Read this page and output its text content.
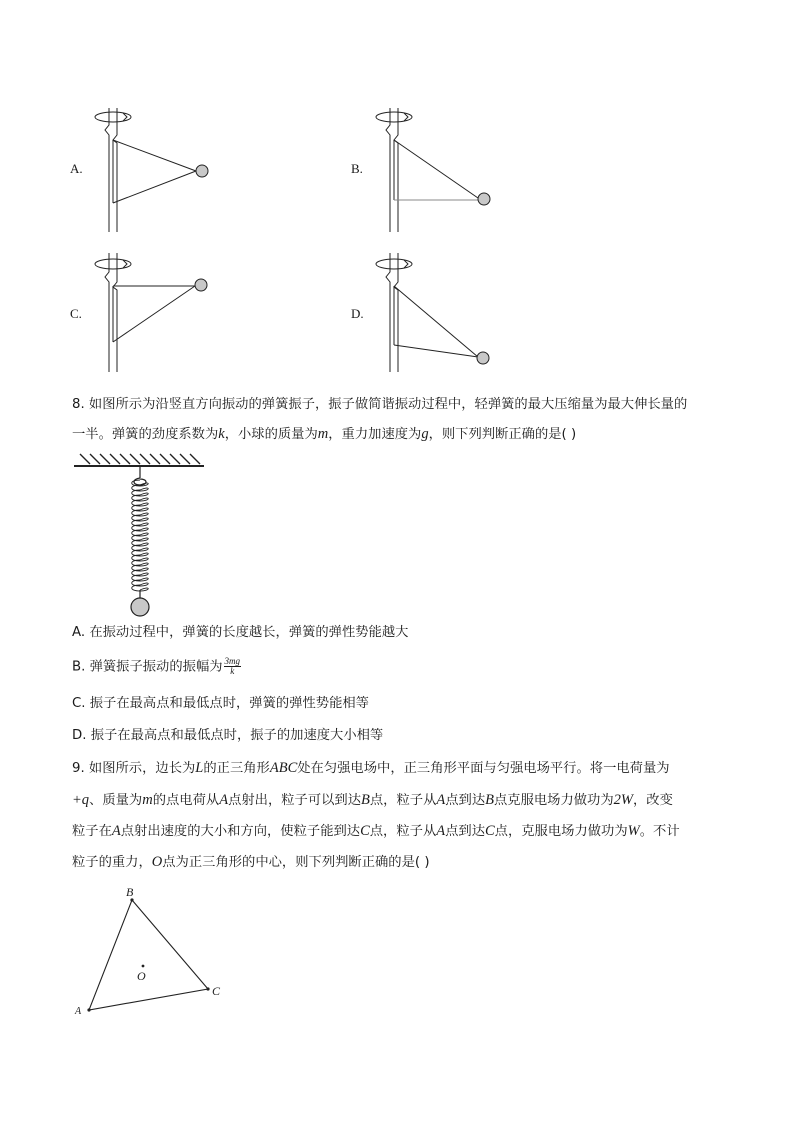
A.	B.
C.	D.
8. 如图所示为沿竖直方向振动的弹簧振子，振子做简谐振动过程中，轻弹簧的最大压缩量为最大伸长量的
一半。弹簧的劲度系数为k，小球的质量为m，重力加速度为g，则下列判断正确的是( )
A. 在振动过程中，弹簧的长度越长，弹簧的弹性势能越大
B. 弹簧振子振动的振幅为 $\frac{3mg}{k}$
C. 振子在最高点和最低点时，弹簧的弹性势能相等
D. 振子在最高点和最低点时，振子的加速度大小相等
9. 如图所示，边长为L的正三角形ABC处在匀强电场中，正三角形平面与匀强电场平行。将一电荷量为
+q、质量为m的点电荷从A点射出，粒子可以到达B点，粒子从A点到达B点克服电场力做功为2W，改变
粒子在A点射出速度的大小和方向，使粒子能到达C点，粒子从A点到达C点，克服电场力做功为W。不计
粒子的重力，O点为正三角形的中心，则下列判断正确的是( )
B
C
A
O
